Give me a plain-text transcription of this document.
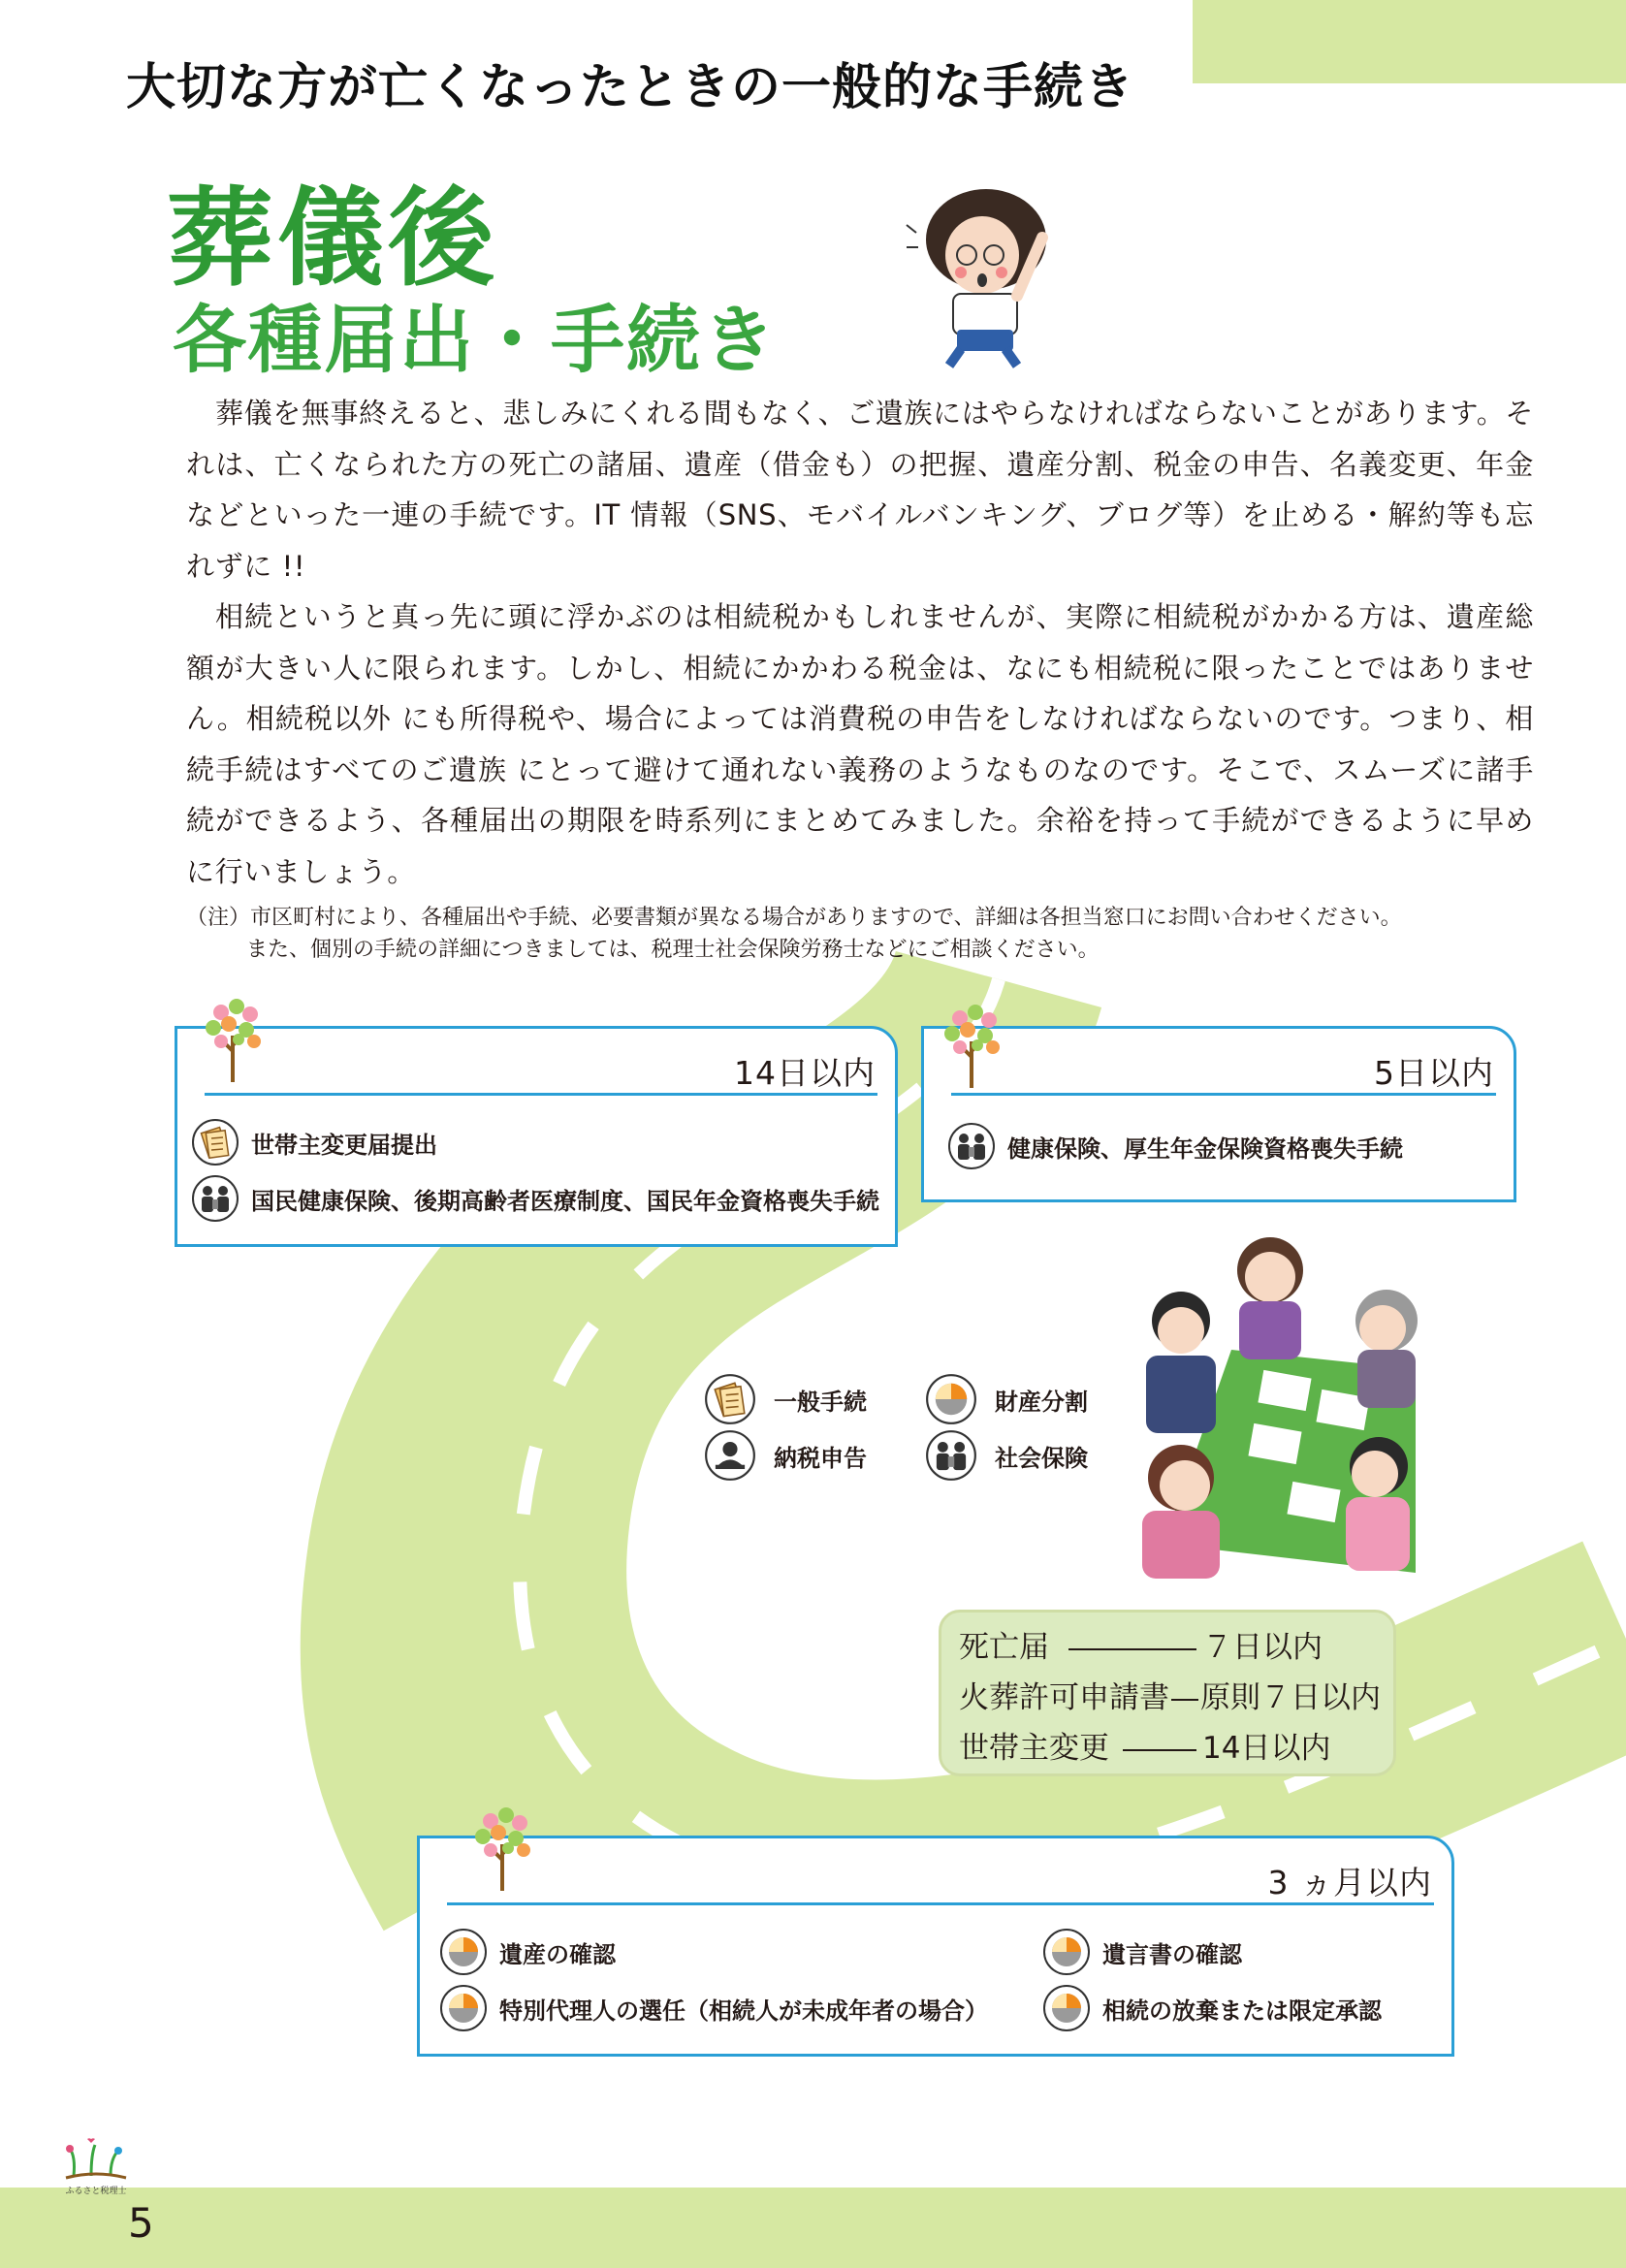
大切な方が亡くなったときの一般的な手続き
葬儀後
各種届出・手続き

葬儀を無事終えると、悲しみにくれる間もなく、ご遺族にはやらなければならないことがあります。それは、亡くなられた方の死亡の諸届、遺産（借金も）の把握、遺産分割、税金の申告、名義変更、年金などといった一連の手続です。IT 情報（SNS、モバイルバンキング、ブログ等）を止める・解約等も忘れずに !!

相続というと真っ先に頭に浮かぶのは相続税かもしれませんが、実際に相続税がかかる方は、遺産総額が大きい人に限られます。しかし、相続にかかわる税金は、なにも相続税に限ったことではありません。相続税以外 にも所得税や、場合によっては消費税の申告をしなければならないのです。つまり、相続手続はすべてのご遺族 にとって避けて通れない義務のようなものなのです。そこで、スムーズに諸手続ができるよう、各種届出の期限を時系列にまとめてみました。余裕を持って手続ができるように早めに行いましょう。

（注）市区町村により、各種届出や手続、必要書類が異なる場合がありますので、詳細は各担当窓口にお問い合わせください。
また、個別の手続の詳細につきましては、税理士社会保険労務士などにご相談ください。
14日以内
世帯主変更届提出
国民健康保険、後期高齢者医療制度、国民年金資格喪失手続
5日以内
健康保険、厚生年金保険資格喪失手続
一般手続	財産分割
納税申告	社会保険
死亡届	７日以内
火葬許可申請書 原則７日以内
世帯主変更	14日以内
3 ヵ月以内
遺産の確認	遺言書の確認
特別代理人の選任（相続人が未成年者の場合）	相続の放棄または限定承認
ふるさと税理士
5
